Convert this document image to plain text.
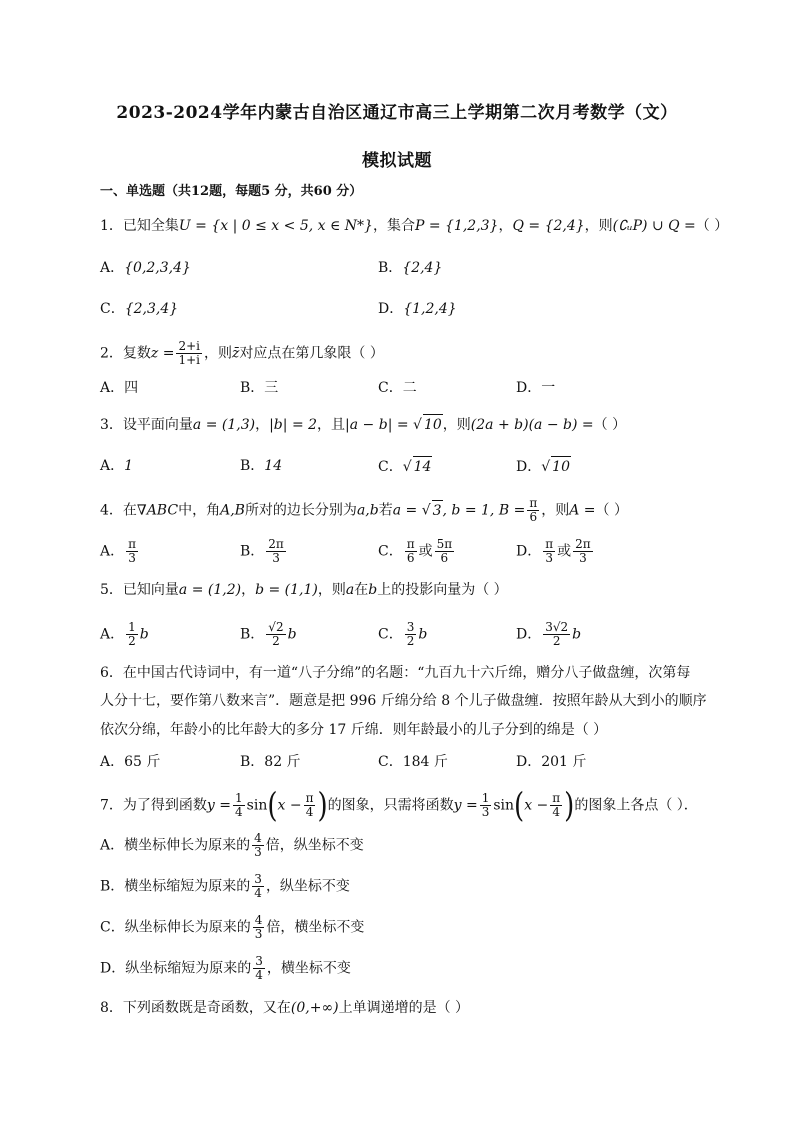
2023-2024学年内蒙古自治区通辽市高三上学期第二次月考数学（文）
模拟试题
一、单选题（共12题，每题5 分，共60 分）
1．已知全集U = {x | 0 ≤ x < 5, x ∈ N*}，集合P = {1,2,3}，Q = {2,4}，则(∁ᵤP) ∪ Q =（ ）
A．{0,2,3,4}	B．{2,4}
C．{2,3,4}	D．{1,2,4}
2．复数$z = \frac{2+i}{1+i}$ ，则z̄对应点在第几象限（ ）
A．四	B．三	C．二	D．一
3．设平面向量a = (1,3)，|b| = 2，且|a − b| = √ 10，则(2a + b)(a − b) =（ ）
A．1	B．14	C．√ 14	D．√ 10
4．在∇ABC中，角A,B所对的边长分别为a,b若a = √ 3, b = 1, $B = \frac{\pi}{6}$ ，则A =（ ）
A． $\frac{\pi}{3}$	B． $\frac{2\pi}{3}$	C． $\frac{\pi}{6}$ 或 $\frac{5\pi}{6}$	D． $\frac{\pi}{3}$ 或 $\frac{2\pi}{3}$
5．已知向量a = (1,2)，b = (1,1)，则a在b上的投影向量为（ ）
A． $\frac{1}{2}$ b	B． $\frac{√2}{2}$ b	C． $\frac{3}{2}$ b	D． $\frac{3√2}{2}$ b
6．在中国古代诗词中，有一道“八子分绵”的名题：“九百九十六斤绵，赠分八子做盘缠，次第每
人分十七，要作第八数来言”．题意是把 996 斤绵分给 8 个儿子做盘缠．按照年龄从大到小的顺序
依次分绵，年龄小的比年龄大的多分 17 斤绵．则年龄最小的儿子分到的绵是（ ）
A．65 斤	B．82 斤	C．184 斤	D．201 斤
7．为了得到函数$y = \frac{1}{4} \sin(x - \frac{\pi}{4}$ )的图象，只需将函数$y = \frac{1}{3} \sin(x - \frac{\pi}{4}$ )的图象上各点（ ）．
A．横坐标伸长为原来的 $\frac{4}{3}$ 倍，纵坐标不变
B．横坐标缩短为原来的 $\frac{3}{4}$ ，纵坐标不变
C．纵坐标伸长为原来的 $\frac{4}{3}$ 倍，横坐标不变
D．纵坐标缩短为原来的 $\frac{3}{4}$ ，横坐标不变
8．下列函数既是奇函数，又在(0,+∞)上单调递增的是（ ）
